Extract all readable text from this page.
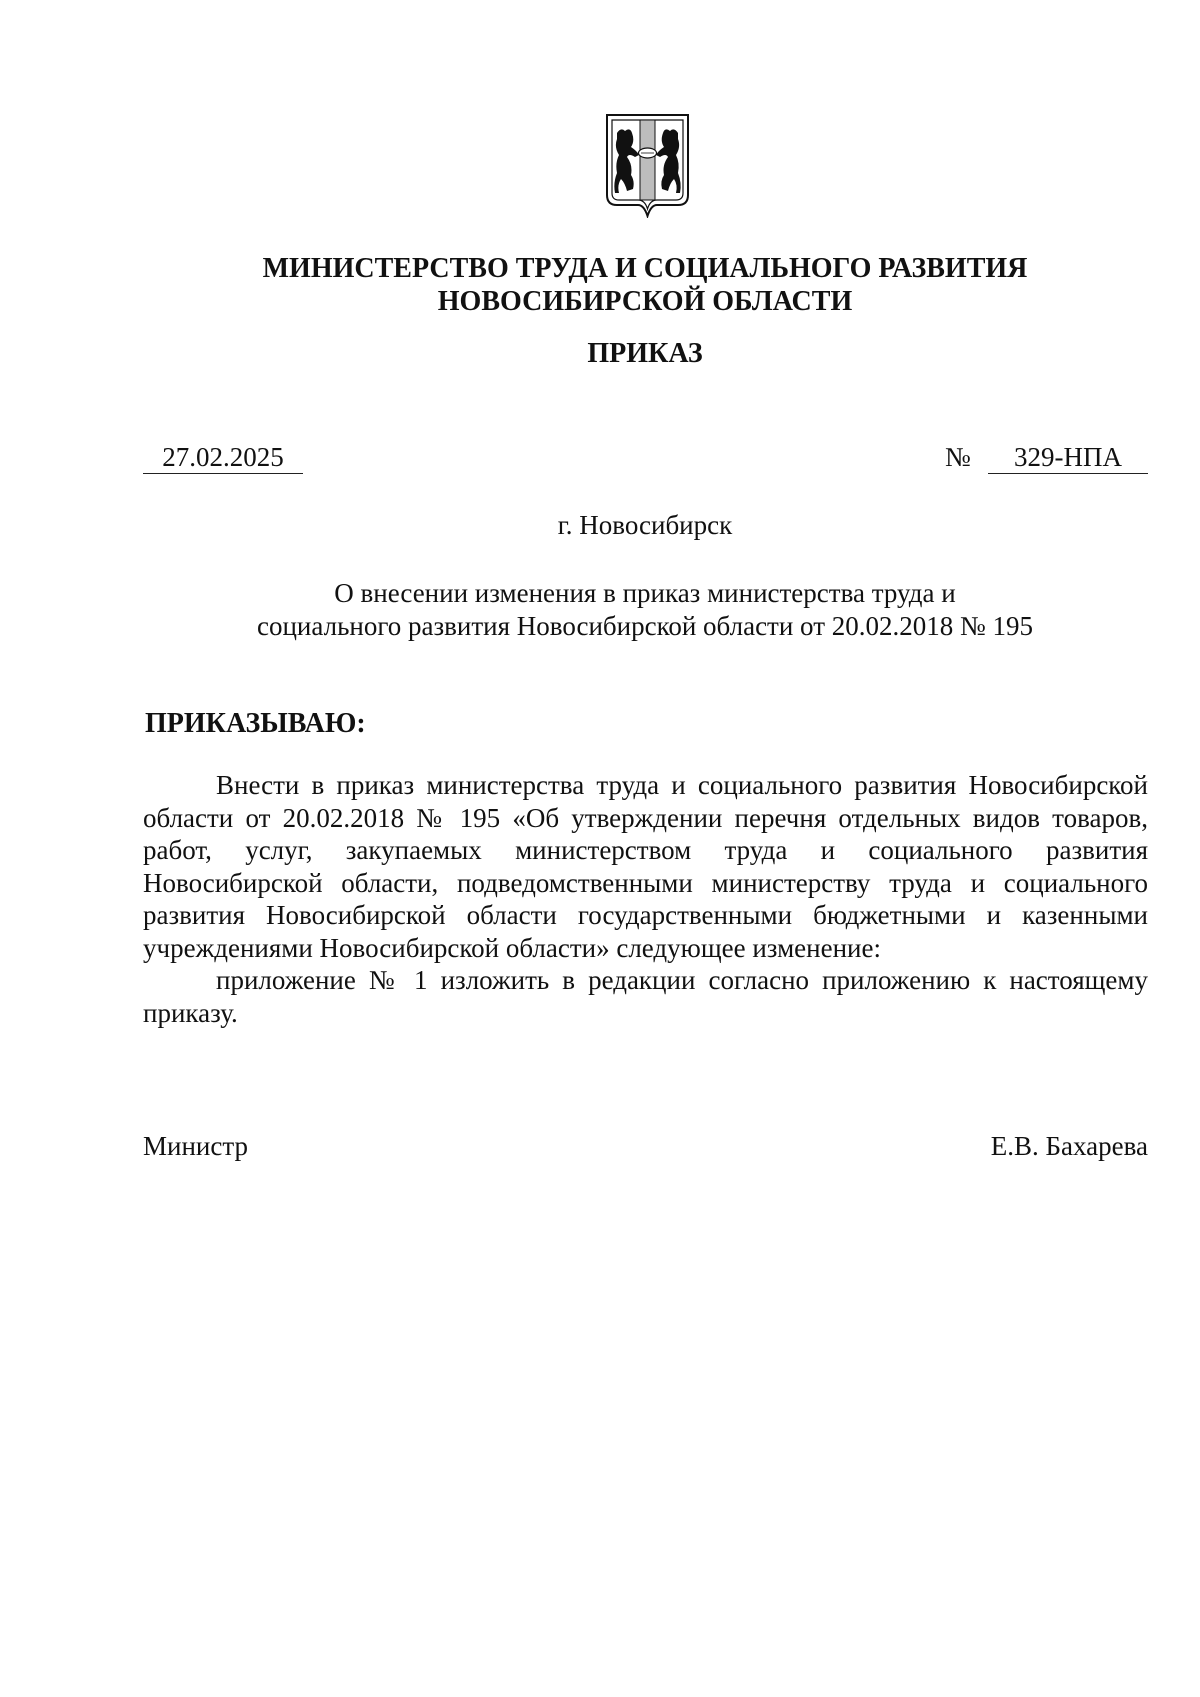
МИНИСТЕРСТВО ТРУДА И СОЦИАЛЬНОГО РАЗВИТИЯ
НОВОСИБИРСКОЙ ОБЛАСТИ
ПРИКАЗ
27.02.2025	№	329-НПА
г. Новосибирск
О внесении изменения в приказ министерства труда и
социального развития Новосибирской области от 20.02.2018 № 195
ПРИКАЗЫВАЮ:

Внести в приказ министерства труда и социального развития Новосибирской области от 20.02.2018 № 195 «Об утверждении перечня отдельных видов товаров, работ, услуг, закупаемых министерством труда и социального развития Новосибирской области, подведомственными министерству труда и социального развития Новосибирской области государственными бюджетными и казенными учреждениями Новосибирской области» следующее изменение:

приложение № 1 изложить в редакции согласно приложению к настоящему приказу.

Министр	Е.В. Бахарева
